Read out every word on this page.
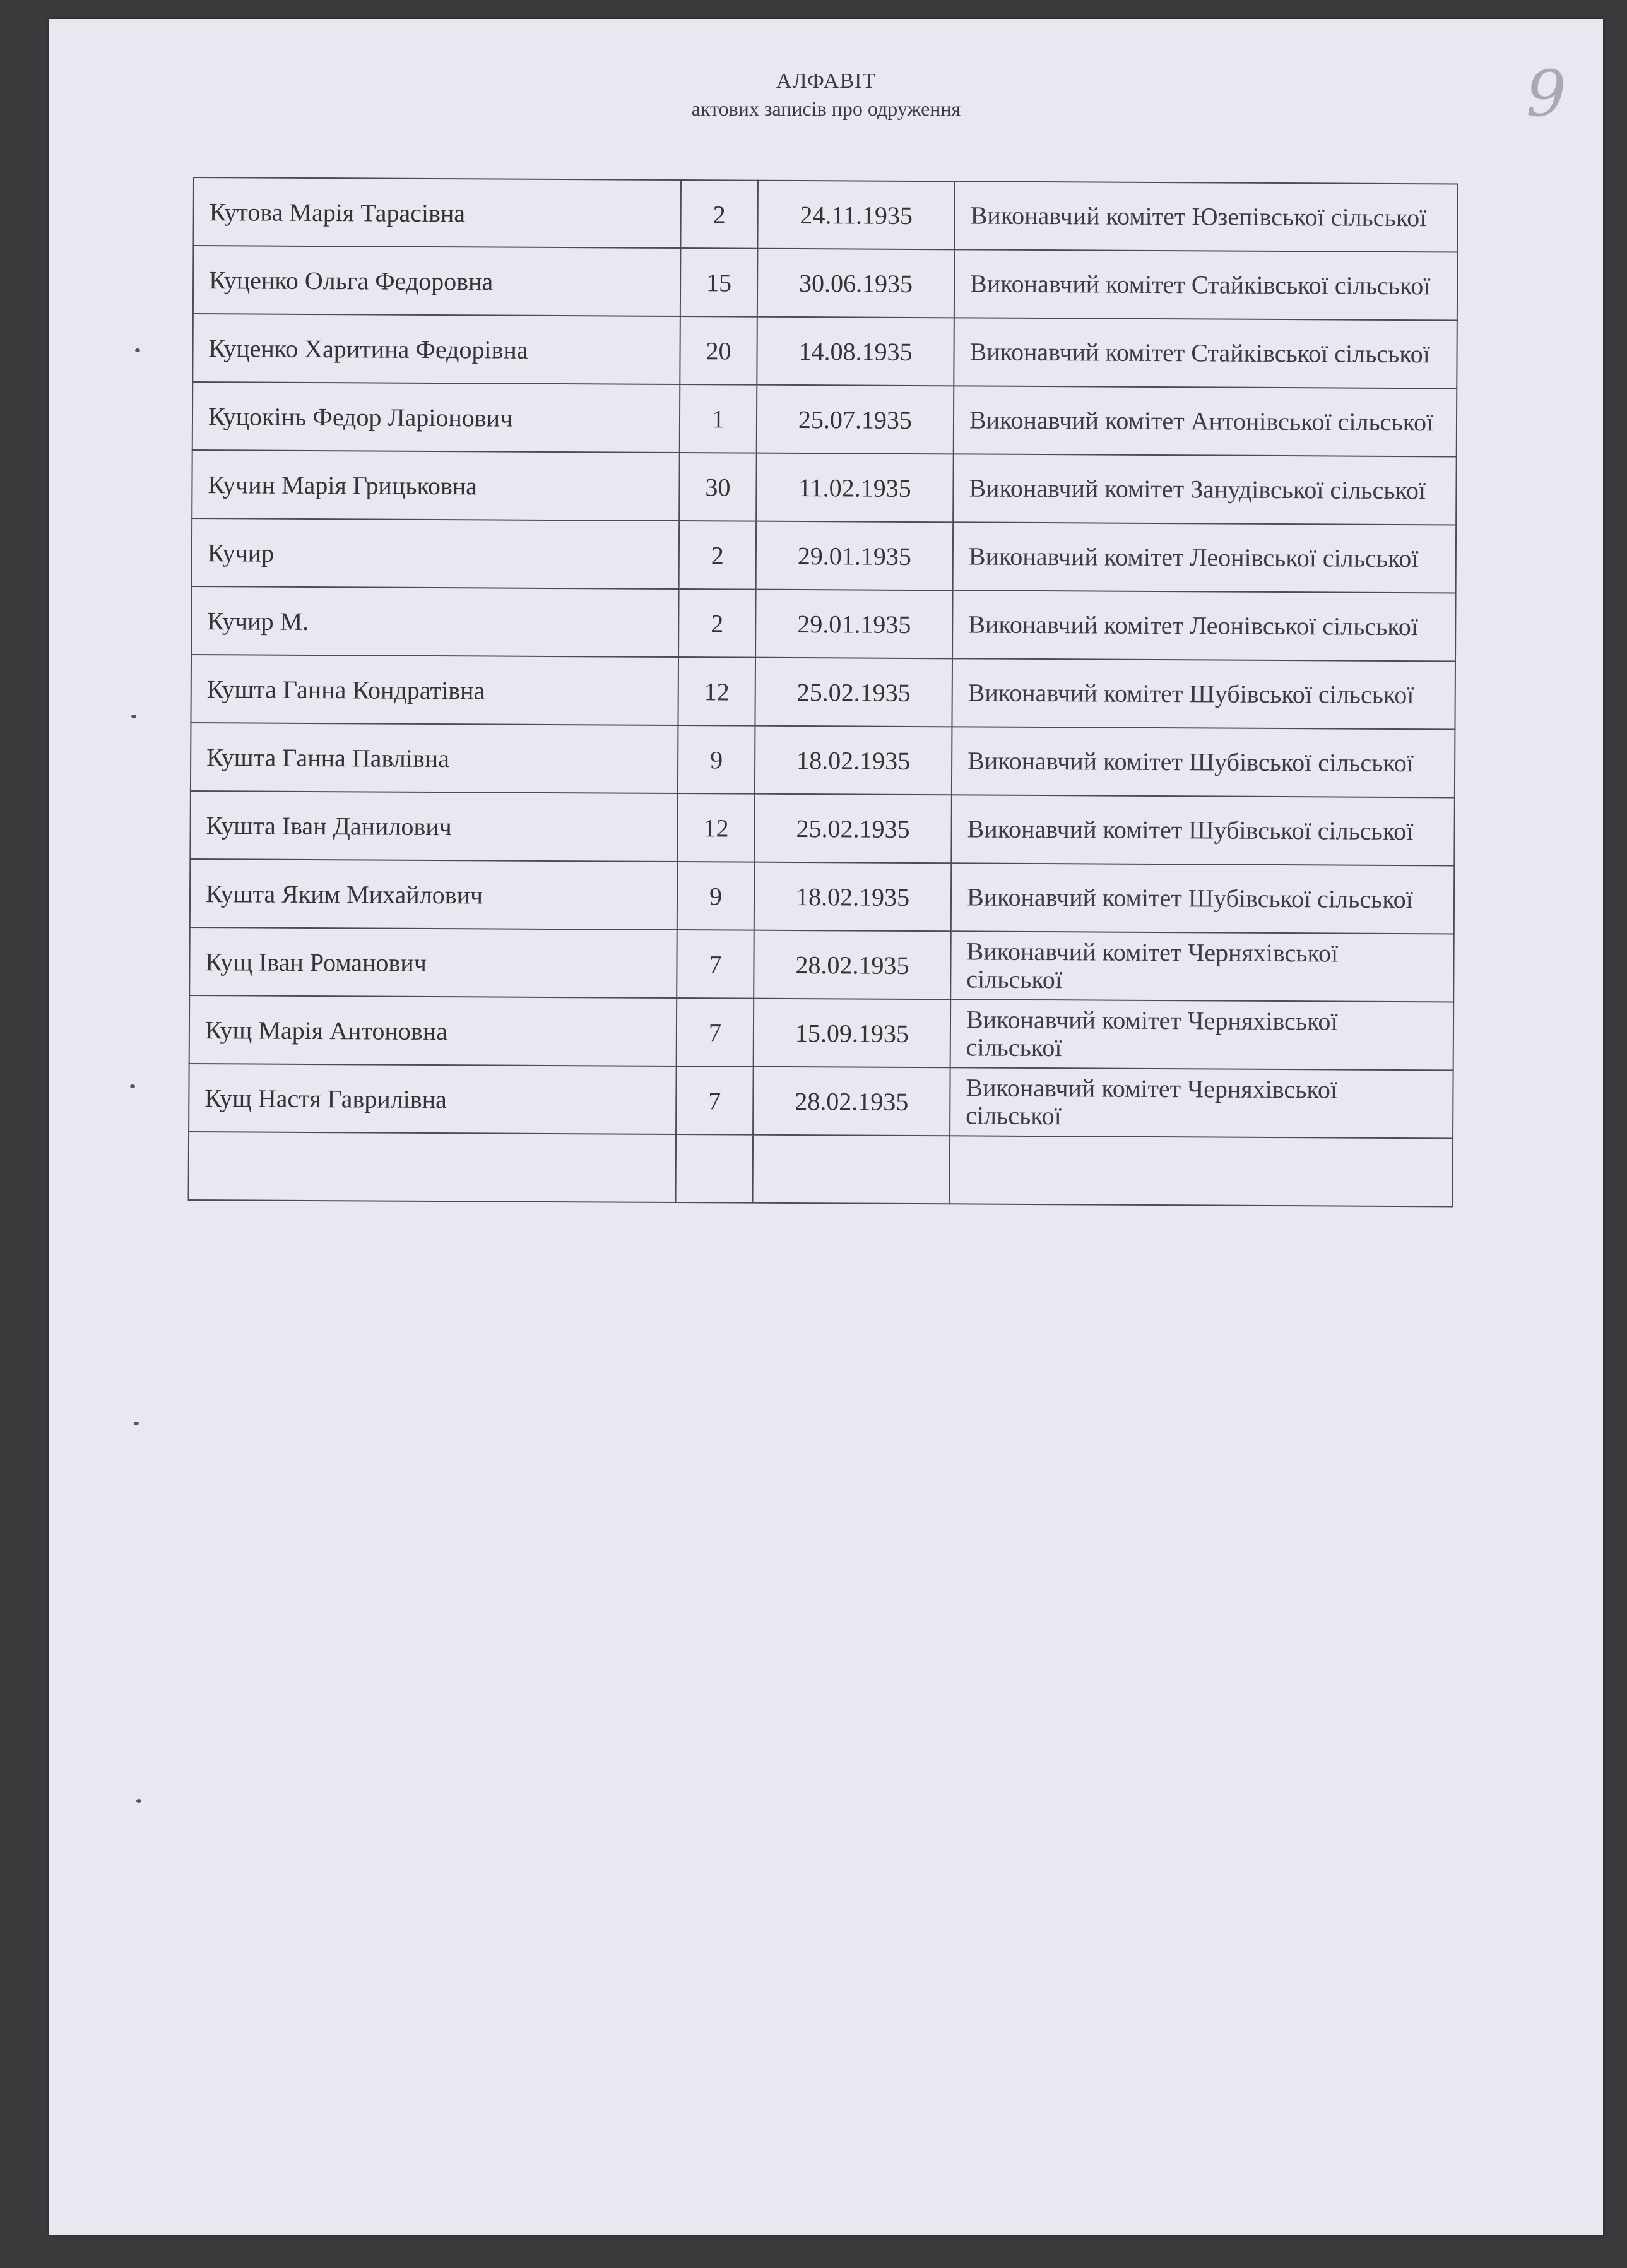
9
АЛФАВІТ
актових записів про одруження
Кутова Марія Тарасівна	2	24.11.1935	Виконавчий комітет Юзепівської сільської
Куценко Ольга Федоровна	15	30.06.1935	Виконавчий комітет Стайківської сільської
Куценко Харитина Федорівна	20	14.08.1935	Виконавчий комітет Стайківської сільської
Куцокінь Федор Ларіонович	1	25.07.1935	Виконавчий комітет Антонівської сільської
Кучин Марія Грицьковна	30	11.02.1935	Виконавчий комітет Занудівської сільської
Кучир	2	29.01.1935	Виконавчий комітет Леонівської сільської
Кучир М.	2	29.01.1935	Виконавчий комітет Леонівської сільської
Кушта Ганна Кондратівна	12	25.02.1935	Виконавчий комітет Шубівської сільської
Кушта Ганна Павлівна	9	18.02.1935	Виконавчий комітет Шубівської сільської
Кушта Іван Данилович	12	25.02.1935	Виконавчий комітет Шубівської сільської
Кушта Яким Михайлович	9	18.02.1935	Виконавчий комітет Шубівської сільської
Кущ Іван Романович	7	28.02.1935	Виконавчий комітет Черняхівської сільської
Кущ Марія Антоновна	7	15.09.1935	Виконавчий комітет Черняхівської сільської
Кущ Настя Гаврилівна	7	28.02.1935	Виконавчий комітет Черняхівської сільської
